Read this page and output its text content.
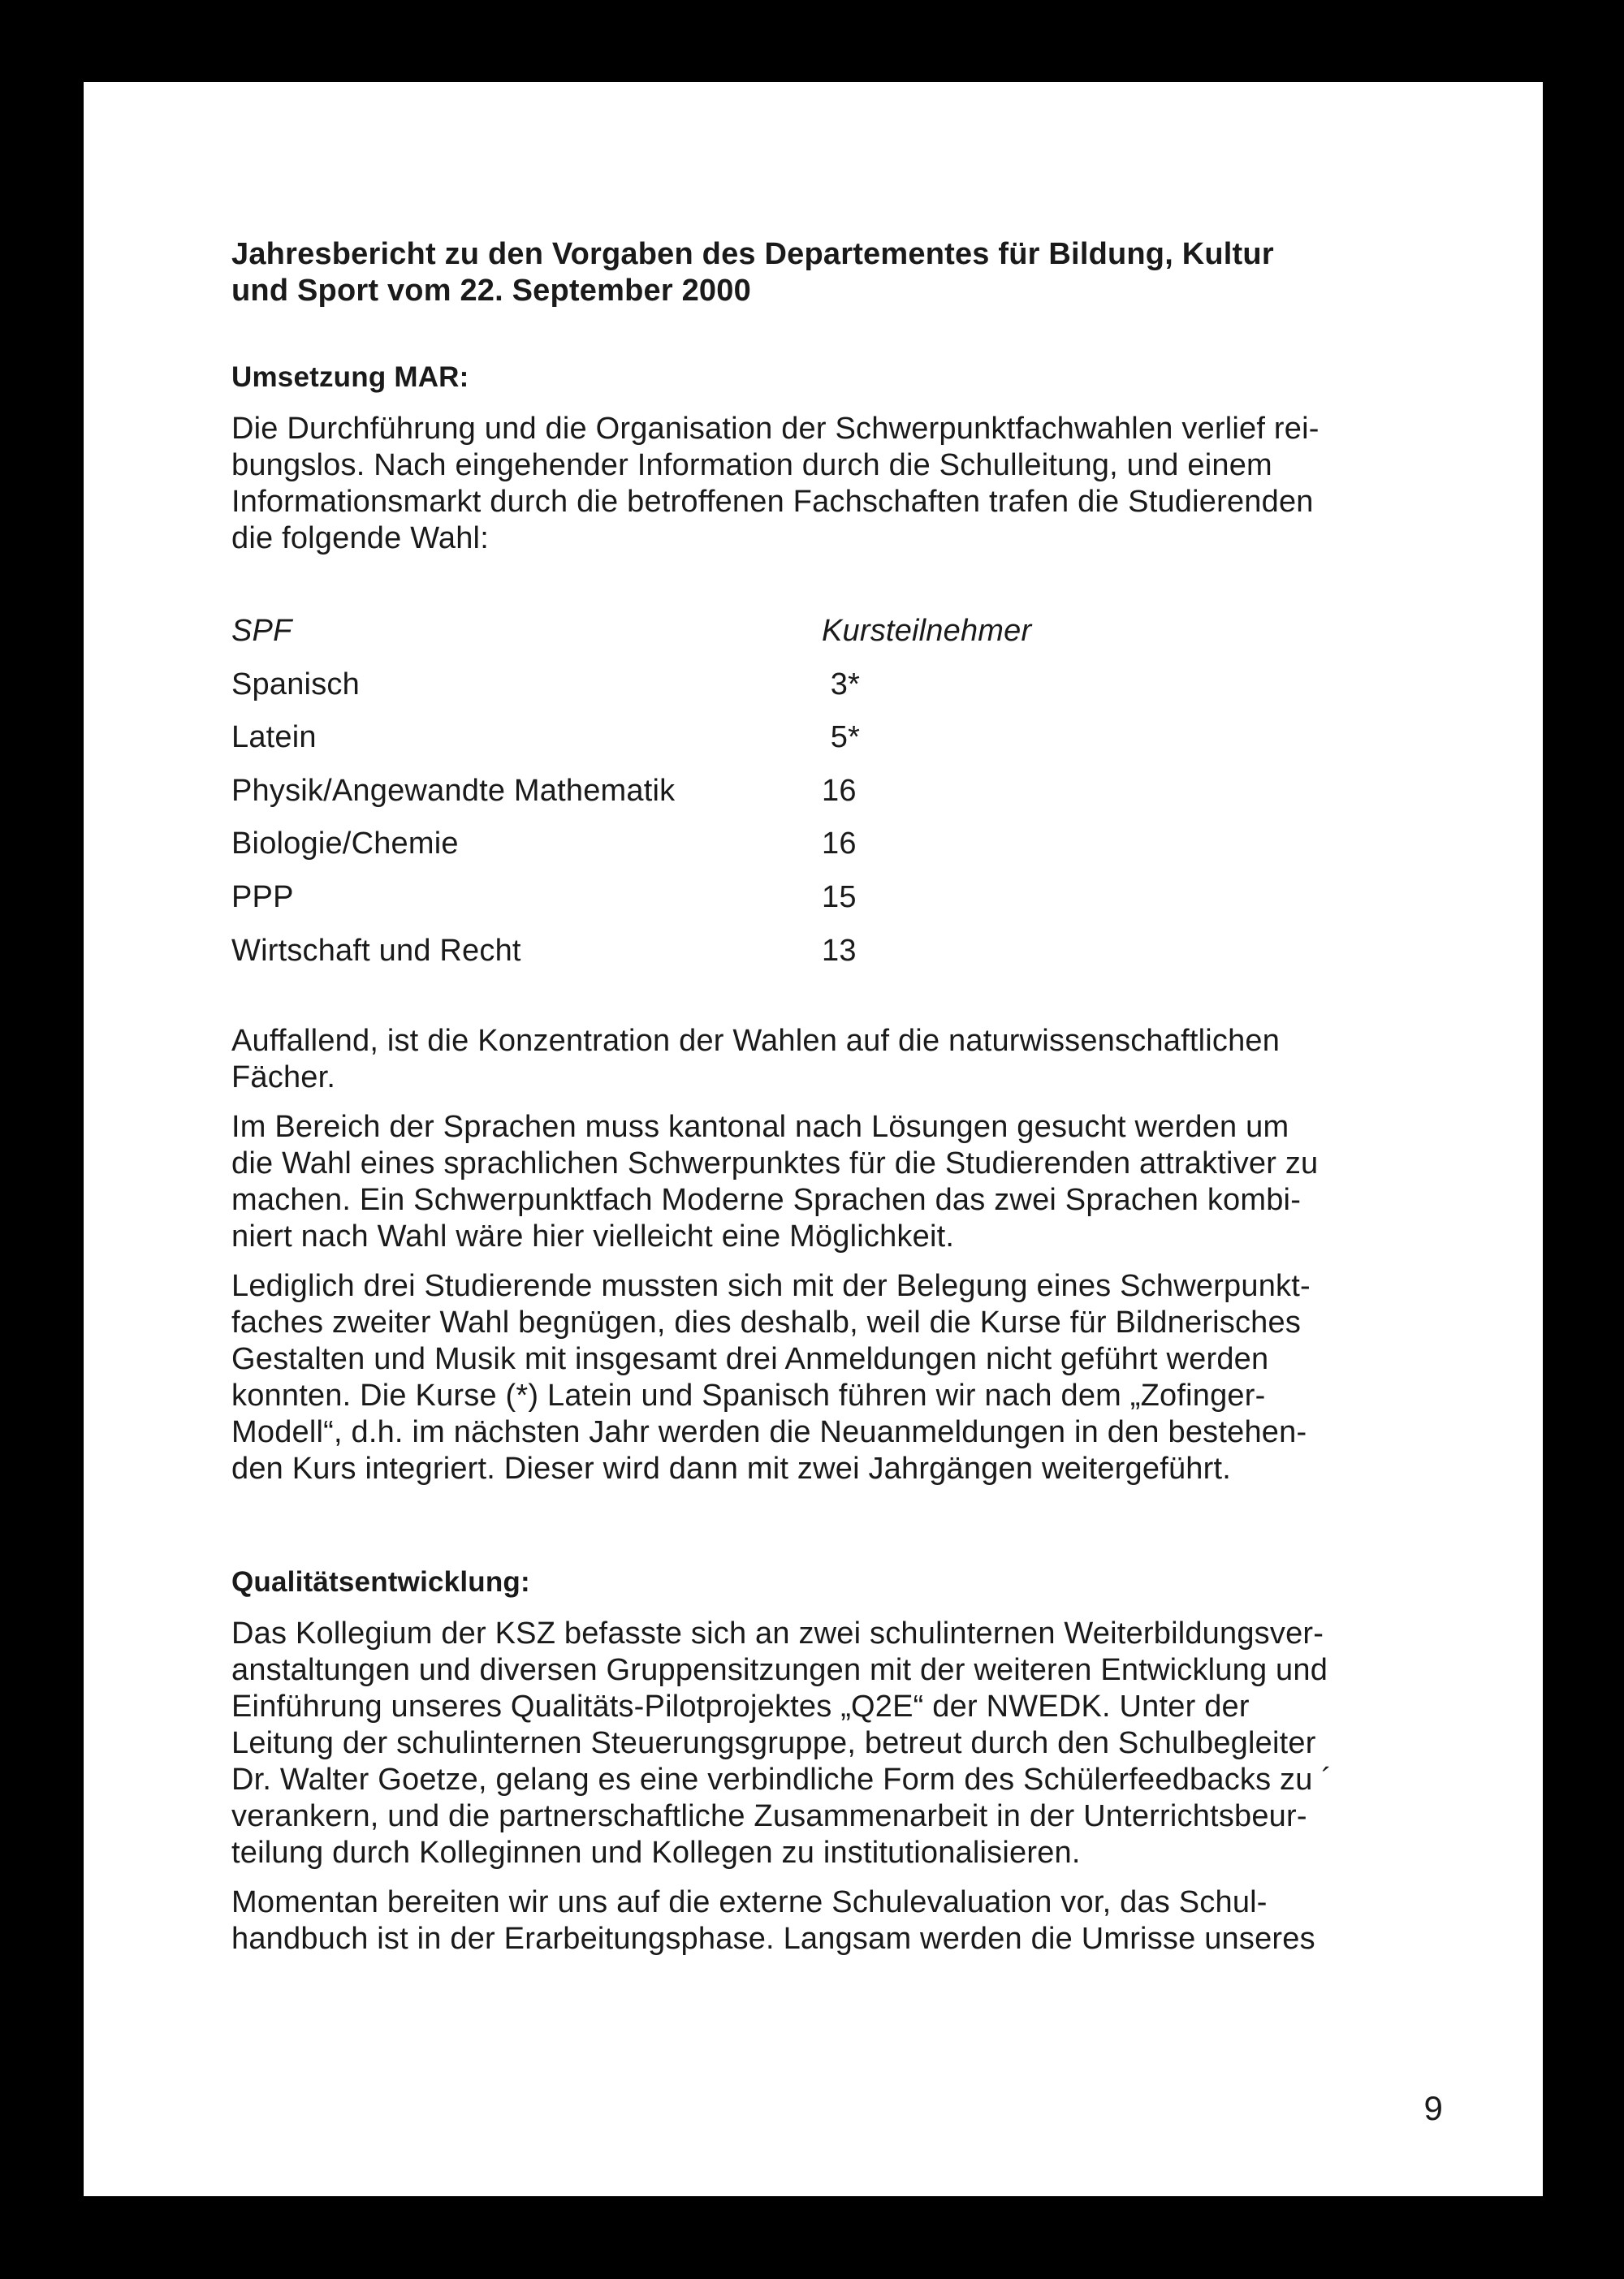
Jahresbericht zu den Vorgaben des Departementes für Bildung, Kultur
und Sport vom 22. September 2000

Umsetzung MAR:

Die Durchführung und die Organisation der Schwerpunktfachwahlen verlief rei-
bungslos. Nach eingehender Information durch die Schulleitung, und einem
Informationsmarkt durch die betroffenen Fachschaften trafen die Studierenden
die folgende Wahl:

SPF	Kursteilnehmer
Spanisch	3*
Latein	5*
Physik/Angewandte Mathematik	16
Biologie/Chemie	16
PPP	15
Wirtschaft und Recht	13

Auffallend, ist die Konzentration der Wahlen auf die naturwissenschaftlichen
Fächer.

Im Bereich der Sprachen muss kantonal nach Lösungen gesucht werden um
die Wahl eines sprachlichen Schwerpunktes für die Studierenden attraktiver zu
machen. Ein Schwerpunktfach Moderne Sprachen das zwei Sprachen kombi-
niert nach Wahl wäre hier vielleicht eine Möglichkeit.

Lediglich drei Studierende mussten sich mit der Belegung eines Schwerpunkt-
faches zweiter Wahl begnügen, dies deshalb, weil die Kurse für Bildnerisches
Gestalten und Musik mit insgesamt drei Anmeldungen nicht geführt werden
konnten. Die Kurse (*) Latein und Spanisch führen wir nach dem „Zofinger-
Modell“, d.h. im nächsten Jahr werden die Neuanmeldungen in den bestehen-
den Kurs integriert. Dieser wird dann mit zwei Jahrgängen weitergeführt.

Qualitätsentwicklung:

Das Kollegium der KSZ befasste sich an zwei schulinternen Weiterbildungsver-
anstaltungen und diversen Gruppensitzungen mit der weiteren Entwicklung und
Einführung unseres Qualitäts-Pilotprojektes „Q2E“ der NWEDK. Unter der
Leitung der schulinternen Steuerungsgruppe, betreut durch den Schulbegleiter
Dr. Walter Goetze, gelang es eine verbindliche Form des Schülerfeedbacks zu ´
verankern, und die partnerschaftliche Zusammenarbeit in der Unterrichtsbeur-
teilung durch Kolleginnen und Kollegen zu institutionalisieren.

Momentan bereiten wir uns auf die externe Schulevaluation vor, das Schul-
handbuch ist in der Erarbeitungsphase. Langsam werden die Umrisse unseres

9
